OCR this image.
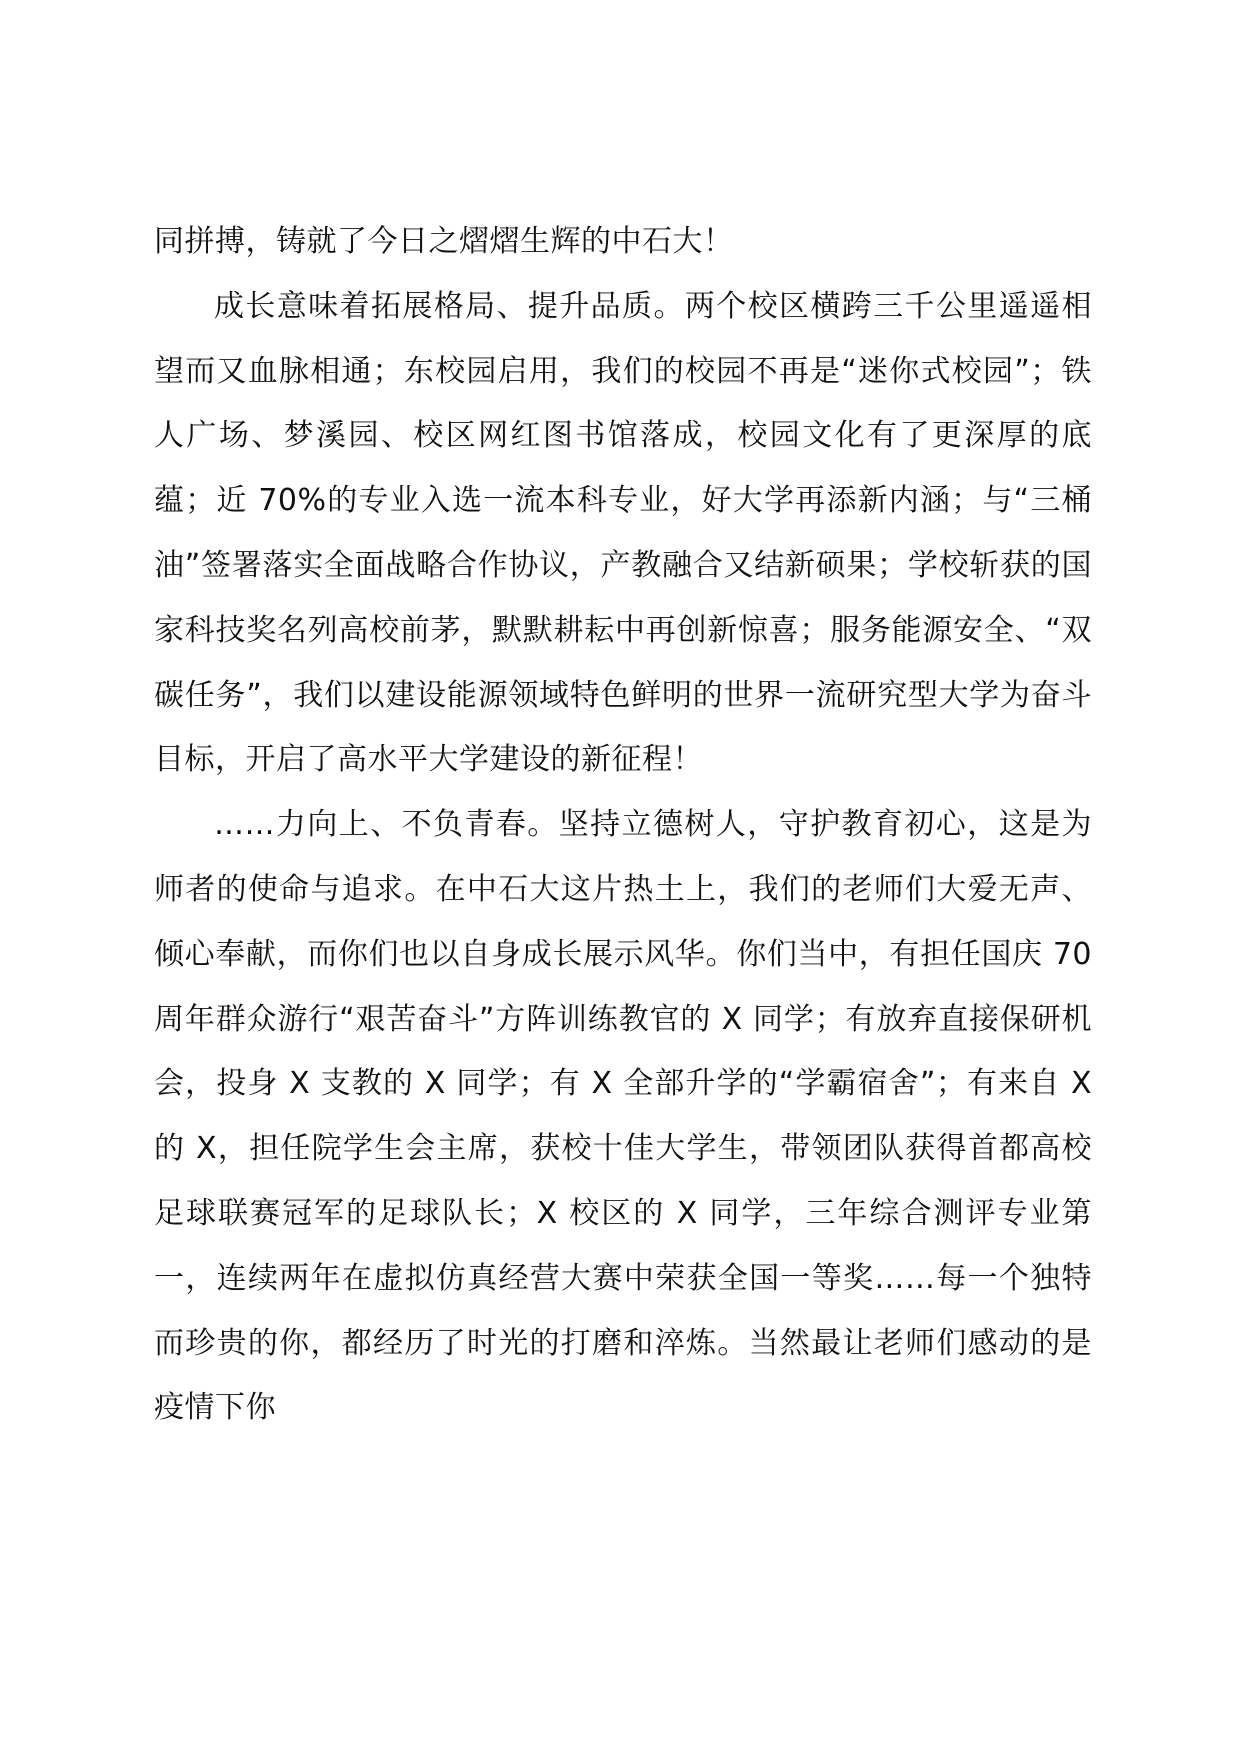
同拼搏，铸就了今日之熠熠生辉的中石大！

成长意味着拓展格局、提升品质。两个校区横跨三千公里遥遥相望而又血脉相通；东校园启用，我们的校园不再是“迷你式校园”；铁人广场、梦溪园、校区网红图书馆落成，校园文化有了更深厚的底蕴；近 70%的专业入选一流本科专业，好大学再添新内涵；与“三桶油”签署落实全面战略合作协议，产教融合又结新硕果；学校斩获的国家科技奖名列高校前茅，默默耕耘中再创新惊喜；服务能源安全、“双碳任务”，我们以建设能源领域特色鲜明的世界一流研究型大学为奋斗目标，开启了高水平大学建设的新征程！

……力向上、不负青春。坚持立德树人，守护教育初心，这是为师者的使命与追求。在中石大这片热土上，我们的老师们大爱无声、倾心奉献，而你们也以自身成长展示风华。你们当中，有担任国庆 70 周年群众游行“艰苦奋斗”方阵训练教官的 X 同学；有放弃直接保研机会，投身 X 支教的 X 同学；有 X 全部升学的“学霸宿舍”；有来自 X 的 X，担任院学生会主席，获校十佳大学生，带领团队获得首都高校足球联赛冠军的足球队长；X 校区的 X 同学，三年综合测评专业第一，连续两年在虚拟仿真经营大赛中荣获全国一等奖……每一个独特而珍贵的你，都经历了时光的打磨和淬炼。当然最让老师们感动的是疫情下你
